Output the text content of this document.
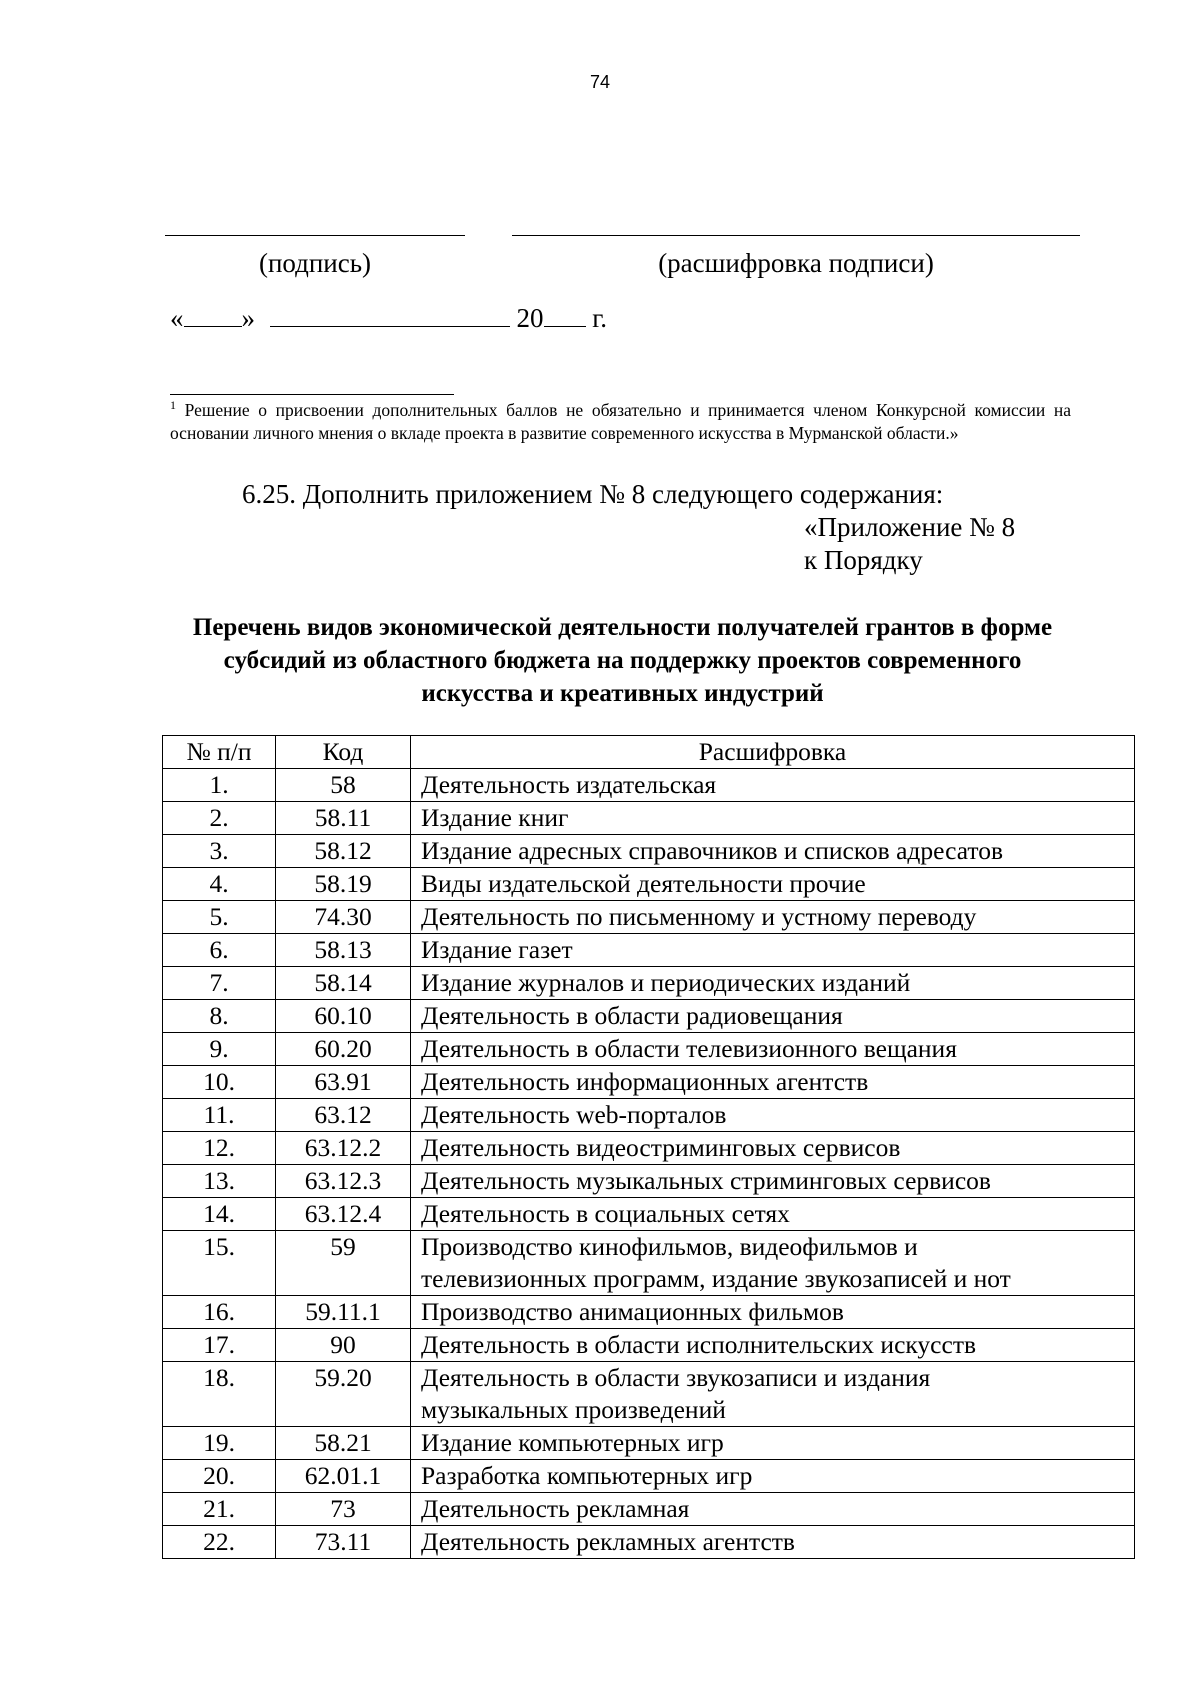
74
(подпись)	(расшифровка подписи)
« »	20 г.
$^1$ Решение о присвоении дополнительных баллов не обязательно и принимается членом Конкурсной комиссии на основании личного мнения о вкладе проекта в развитие современного искусства в Мурманской области.»
6.25. Дополнить приложением № 8 следующего содержания:
«Приложение № 8
к Порядку
Перечень видов экономической деятельности получателей грантов в форме субсидий из областного бюджета на поддержку проектов современного искусства и креативных индустрий
№ п/п	Код	Расшифровка
1.	58	Деятельность издательская
2.	58.11	Издание книг
3.	58.12	Издание адресных справочников и списков адресатов
4.	58.19	Виды издательской деятельности прочие
5.	74.30	Деятельность по письменному и устному переводу
6.	58.13	Издание газет
7.	58.14	Издание журналов и периодических изданий
8.	60.10	Деятельность в области радиовещания
9.	60.20	Деятельность в области телевизионного вещания
10.	63.91	Деятельность информационных агентств
11.	63.12	Деятельность web-порталов
12.	63.12.2	Деятельность видеостриминговых сервисов
13.	63.12.3	Деятельность музыкальных стриминговых сервисов
14.	63.12.4	Деятельность в социальных сетях
15.	59	Производство кинофильмов, видеофильмов и
телевизионных программ, издание звукозаписей и нот
16.	59.11.1	Производство анимационных фильмов
17.	90	Деятельность в области исполнительских искусств
18.	59.20	Деятельность в области звукозаписи и издания
музыкальных произведений
19.	58.21	Издание компьютерных игр
20.	62.01.1	Разработка компьютерных игр
21.	73	Деятельность рекламная
22.	73.11	Деятельность рекламных агентств
